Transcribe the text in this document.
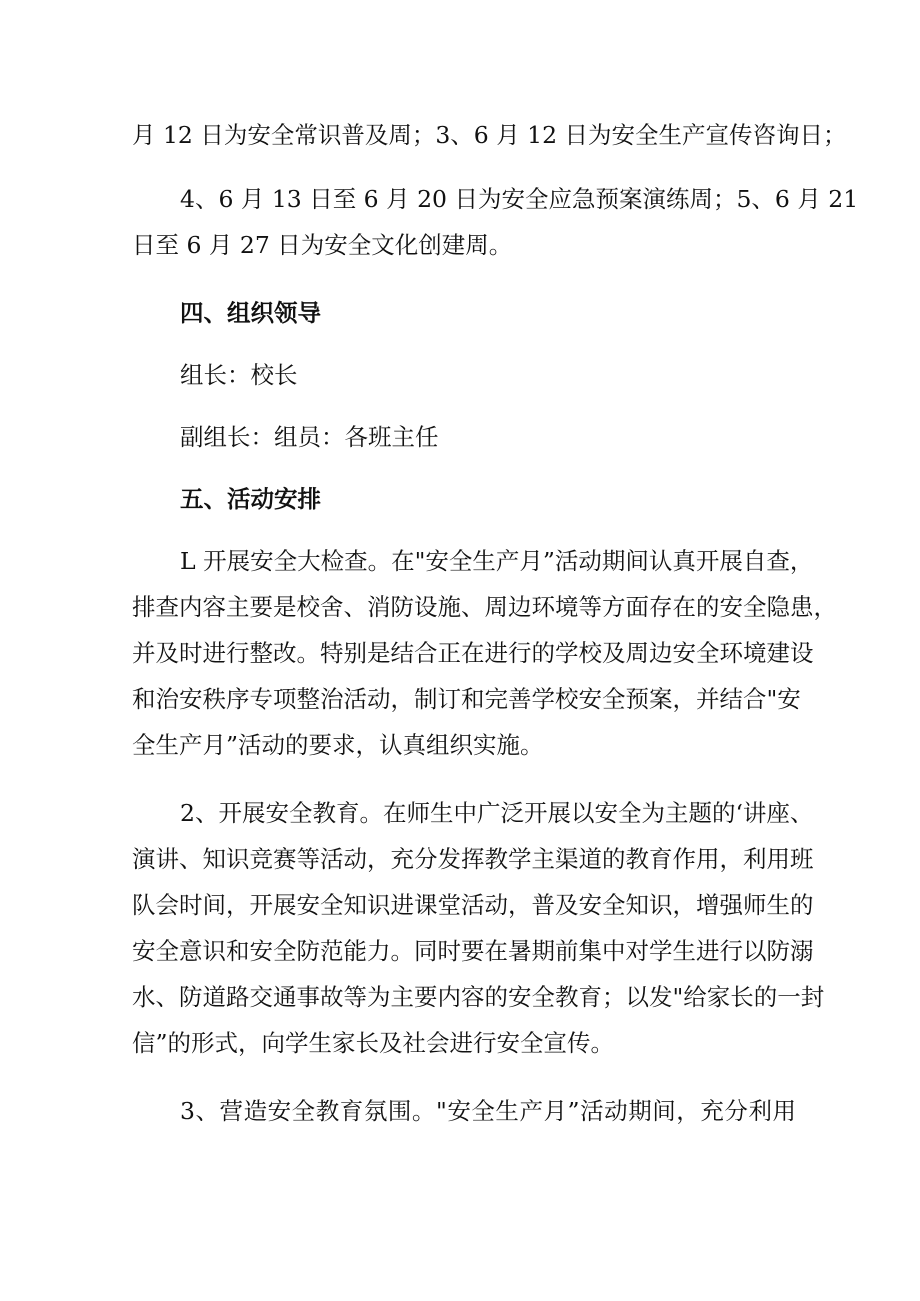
月 12 日为安全常识普及周；3、6 月 12 日为安全生产宣传咨询日；
4、6 月 13 日至 6 月 20 日为安全应急预案演练周；5、6 月 21
日至 6 月 27 日为安全文化创建周。
四、组织领导
组长：校长
副组长：组员：各班主任
五、活动安排
L 开展安全大检查。在"安全生产月”活动期间认真开展自查，
排查内容主要是校舍、消防设施、周边环境等方面存在的安全隐患，
并及时进行整改。特别是结合正在进行的学校及周边安全环境建设
和治安秩序专项整治活动，制订和完善学校安全预案，并结合"安
全生产月”活动的要求，认真组织实施。
2、开展安全教育。在师生中广泛开展以安全为主题的‘讲座、
演讲、知识竞赛等活动，充分发挥教学主渠道的教育作用，利用班
队会时间，开展安全知识进课堂活动，普及安全知识，增强师生的
安全意识和安全防范能力。同时要在暑期前集中对学生进行以防溺
水、防道路交通事故等为主要内容的安全教育；以发"给家长的一封
信”的形式，向学生家长及社会进行安全宣传。
3、营造安全教育氛围。"安全生产月”活动期间，充分利用
